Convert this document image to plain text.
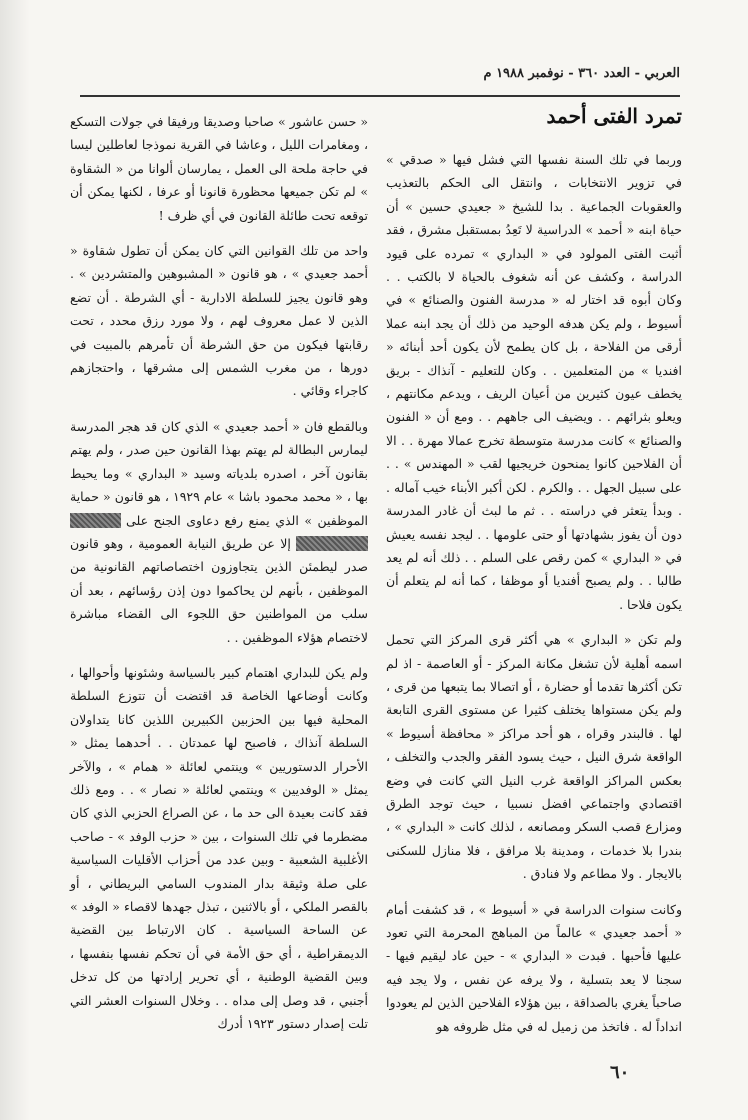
العربي - العدد ٣٦٠ - نوفمبر ١٩٨٨ م
تمرد الفتى أحمد

وربما في تلك السنة نفسها التي فشل فيها « صدقي » في تزوير الانتخابات ، وانتقل الى الحكم بالتعذيب والعقوبات الجماعية . بدا للشيخ « جعيدي حسين » أن حياة ابنه « أحمد » الدراسية لا تَعِدُ بمستقبل مشرق ، فقد أثبت الفتى المولود في « البداري » تمرده على قيود الدراسة ، وكشف عن أنه شغوف بالحياة لا بالكتب . . وكان أبوه قد اختار له « مدرسة الفنون والصنائع » في أسيوط ، ولم يكن هدفه الوحيد من ذلك أن يجد ابنه عملا أرقى من الفلاحة ، بل كان يطمح لأن يكون أحد أبنائه « افنديا » من المتعلمين . . وكان للتعليم - آنذاك - بريق يخطف عيون كثيرين من أعيان الريف ، ويدعم مكانتهم ، ويعلو بثرائهم . . ويضيف الى جاههم . . ومع أن « الفنون والصنائع » كانت مدرسة متوسطة تخرج عمالا مهرة . . الا أن الفلاحين كانوا يمنحون خريجيها لقب « المهندس » . . على سبيل الجهل . . والكرم . لكن أكبر الأبناء خيب آماله . . وبدأ يتعثر في دراسته . . ثم ما لبث أن غادر المدرسة دون أن يفوز بشهادتها أو حتى علومها . . ليجد نفسه يعيش في « البداري » كمن رقص على السلم . . ذلك أنه لم يعد طالبا . . ولم يصبح أفنديا أو موظفا ، كما أنه لم يتعلم أن يكون فلاحا .

ولم تكن « البداري » هي أكثر قرى المركز التي تحمل اسمه أهلية لأن تشغل مكانة المركز - أو العاصمة - اذ لم تكن أكثرها تقدما أو حضارة ، أو اتصالا بما يتبعها من قرى ، ولم يكن مستواها يختلف كثيرا عن مستوى القرى التابعة لها . فالبندر وقراه ، هو أحد مراكز « محافظة أسيوط » الواقعة شرق النيل ، حيث يسود الفقر والجدب والتخلف ، بعكس المراكز الواقعة غرب النيل التي كانت في وضع اقتصادي واجتماعي افضل نسبيا ، حيث توجد الطرق ومزارع قصب السكر ومصانعه ، لذلك كانت « البداري » ، بندرا بلا خدمات ، ومدينة بلا مرافق ، فلا منازل للسكنى بالايجار . ولا مطاعم ولا فنادق .

وكانت سنوات الدراسة في « أسيوط » ، قد كشفت أمام « أحمد جعيدي » عالماً من المباهج المحرمة التي تعود عليها فأحبها . فبدت « البداري » - حين عاد ليقيم فيها - سجنا لا يعد بتسلية ، ولا يرفه عن نفس ، ولا يجد فيه صاحباً يغري بالصداقة ، بين هؤلاء الفلاحين الذين لم يعودوا انداداً له . فاتخذ من زميل له في مثل ظروفه هو

« حسن عاشور » صاحبا وصديقا ورفيقا في جولات التسكع ، ومغامرات الليل ، وعاشا في القرية نموذجا لعاطلين ليسا في حاجة ملحة الى العمل ، يمارسان ألوانا من « الشقاوة » لم تكن جميعها محظورة قانونا أو عرفا ، لكنها يمكن أن توقعه تحت طائلة القانون في أي ظرف !

واحد من تلك القوانين التي كان يمكن أن تطول شقاوة « أحمد جعيدي » ، هو قانون « المشبوهين والمتشردين » . وهو قانون يجيز للسلطة الادارية - أي الشرطة . أن تضع الذين لا عمل معروف لهم ، ولا مورد رزق محدد ، تحت رقابتها فيكون من حق الشرطة أن تأمرهم بالمبيت في دورها ، من مغرب الشمس إلى مشرقها ، واحتجازهم كاجراء وقائي .

وبالقطع فان « أحمد جعيدي » الذي كان قد هجر المدرسة ليمارس البطالة لم يهتم بهذا القانون حين صدر ، ولم يهتم بقانون آخر ، اصدره بلدياته وسيد « البداري » وما يحيط بها ، « محمد محمود باشا » عام ١٩٢٩ ، هو قانون « حماية الموظفين » الذي يمنع رفع دعاوى الجنح على إلا عن طريق النيابة العمومية ، وهو قانون صدر ليطمئن الذين يتجاوزون اختصاصاتهم القانونية من الموظفين ، بأنهم لن يحاكموا دون إذن رؤسائهم ، بعد أن سلب من المواطنين حق اللجوء الى القضاء مباشرة لاختصام هؤلاء الموظفين . .

ولم يكن للبداري اهتمام كبير بالسياسة وشئونها وأحوالها ، وكانت أوضاعها الخاصة قد اقتضت أن تتوزع السلطة المحلية فيها بين الحزبين الكبيرين اللذين كانا يتداولان السلطة آنذاك ، فاصبح لها عمدتان . . أحدهما يمثل « الأحرار الدستوريين » وينتمي لعائلة « همام » ، والآخر يمثل « الوفديين » وينتمي لعائلة « نصار » . . ومع ذلك فقد كانت بعيدة الى حد ما ، عن الصراع الحزبي الذي كان مضطرما في تلك السنوات ، بين « حزب الوفد » - صاحب الأغلبية الشعبية - وبين عدد من أحزاب الأقليات السياسية على صلة وثيقة بدار المندوب السامي البريطاني ، أو بالقصر الملكي ، أو بالاثنين ، تبذل جهدها لاقصاء « الوفد » عن الساحة السياسية . كان الارتباط بين القضية الديمقراطية ، أي حق الأمة في أن تحكم نفسها بنفسها ، وبين القضية الوطنية ، أي تحرير إرادتها من كل تدخل أجنبي ، قد وصل إلى مداه . . وخلال السنوات العشر التي تلت إصدار دستور ١٩٢٣ أدرك

٦٠
